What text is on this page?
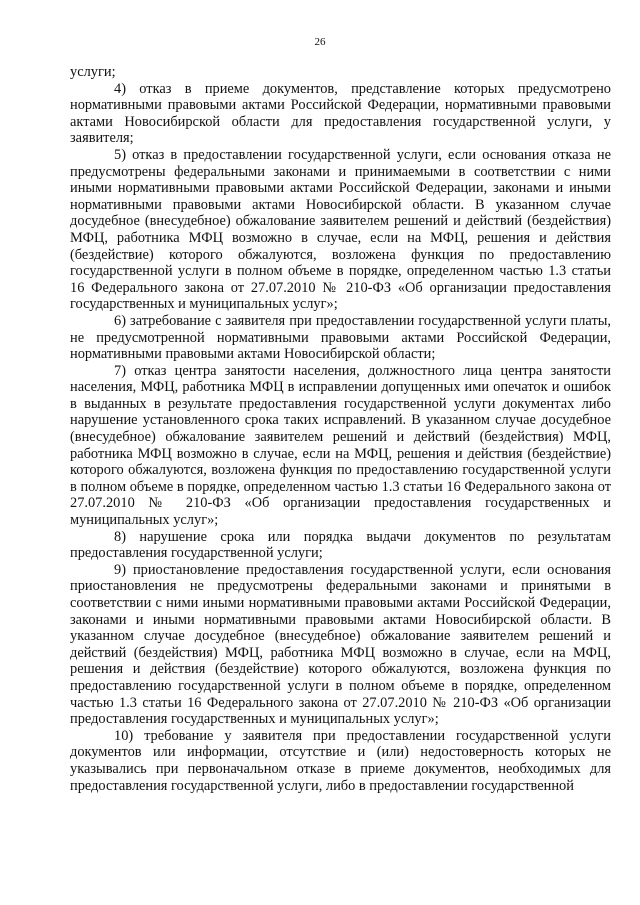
26

услуги;

4) отказ в приеме документов, представление которых предусмотрено нормативными правовыми актами Российской Федерации, нормативными правовыми актами Новосибирской области для предоставления государственной услуги, у заявителя;

5) отказ в предоставлении государственной услуги, если основания отказа не предусмотрены федеральными законами и принимаемыми в соответствии с ними иными нормативными правовыми актами Российской Федерации, законами и иными нормативными правовыми актами Новосибирской области. В указанном случае досудебное (внесудебное) обжалование заявителем решений и действий (бездействия) МФЦ, работника МФЦ возможно в случае, если на МФЦ, решения и действия (бездействие) которого обжалуются, возложена функция по предоставлению государственной услуги в полном объеме в порядке, определенном частью 1.3 статьи 16 Федерального закона от 27.07.2010 № 210-ФЗ «Об организации предоставления государственных и муниципальных услуг»;

6) затребование с заявителя при предоставлении государственной услуги платы, не предусмотренной нормативными правовыми актами Российской Федерации, нормативными правовыми актами Новосибирской области;

7) отказ центра занятости населения, должностного лица центра занятости населения, МФЦ, работника МФЦ в исправлении допущенных ими опечаток и ошибок в выданных в результате предоставления государственной услуги документах либо нарушение установленного срока таких исправлений. В указанном случае досудебное (внесудебное) обжалование заявителем решений и действий (бездействия) МФЦ, работника МФЦ возможно в случае, если на МФЦ, решения и действия (бездействие) которого обжалуются, возложена функция по предоставлению государственной услуги в полном объеме в порядке, определенном частью 1.3 статьи 16 Федерального закона от 27.07.2010 № 210-ФЗ «Об организации предоставления государственных и муниципальных услуг»;

8) нарушение срока или порядка выдачи документов по результатам предоставления государственной услуги;

9) приостановление предоставления государственной услуги, если основания приостановления не предусмотрены федеральными законами и принятыми в соответствии с ними иными нормативными правовыми актами Российской Федерации, законами и иными нормативными правовыми актами Новосибирской области. В указанном случае досудебное (внесудебное) обжалование заявителем решений и действий (бездействия) МФЦ, работника МФЦ возможно в случае, если на МФЦ, решения и действия (бездействие) которого обжалуются, возложена функция по предоставлению государственной услуги в полном объеме в порядке, определенном частью 1.3 статьи 16 Федерального закона от 27.07.2010 № 210-ФЗ «Об организации предоставления государственных и муниципальных услуг»;

10) требование у заявителя при предоставлении государственной услуги документов или информации, отсутствие и (или) недостоверность которых не указывались при первоначальном отказе в приеме документов, необходимых для предоставления государственной услуги, либо в предоставлении государственной
